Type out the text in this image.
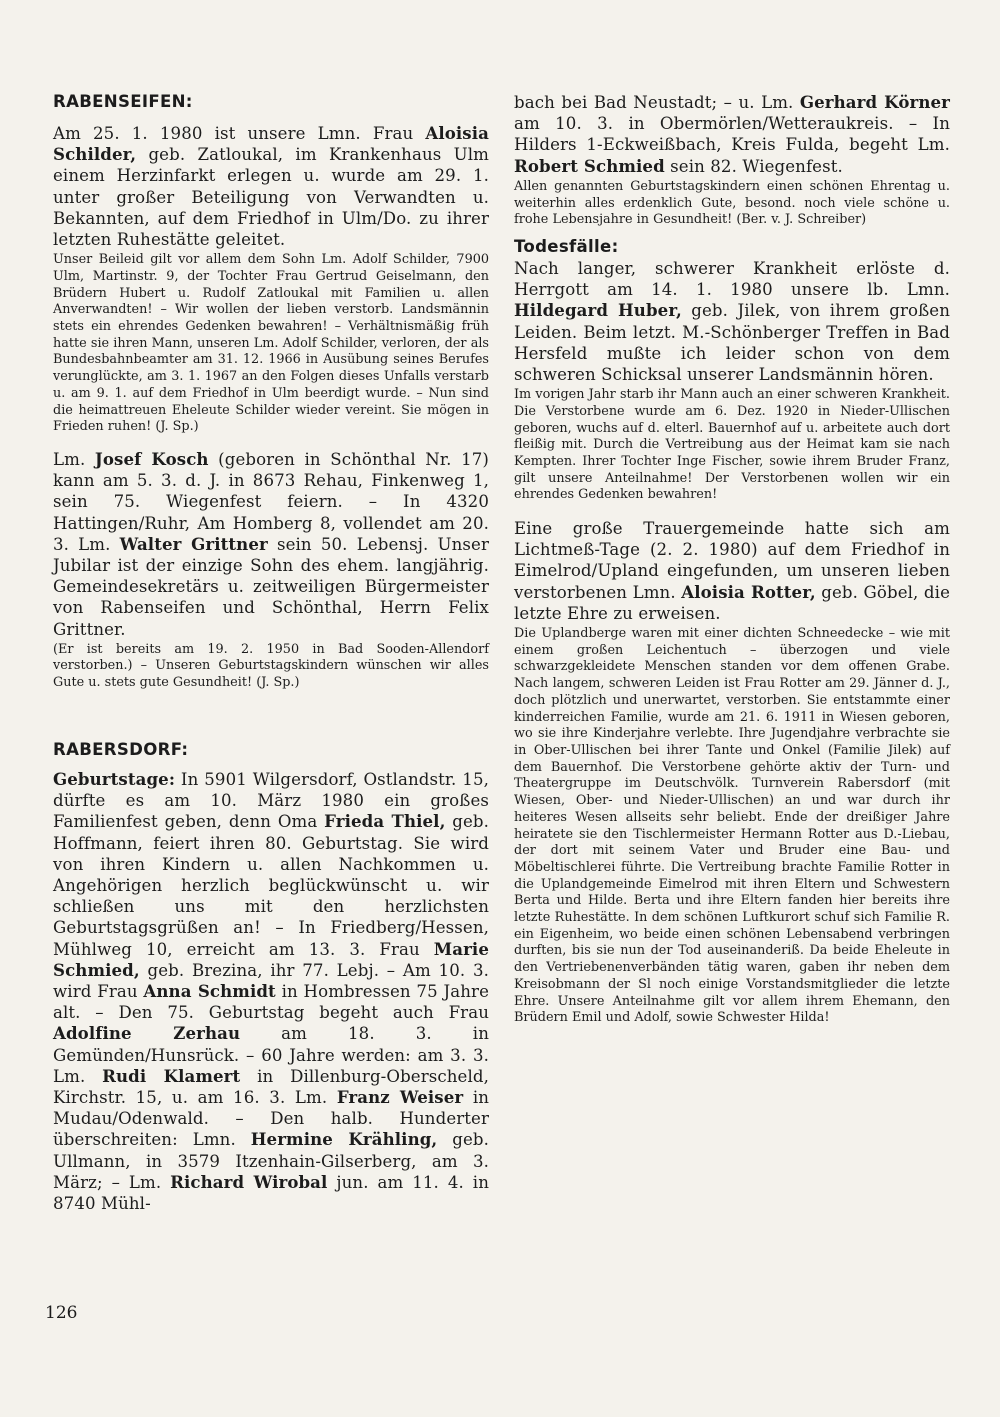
RABENSEIFEN:

Am 25. 1. 1980 ist unsere Lmn. Frau Aloisia Schilder, geb. Zatloukal, im Krankenhaus Ulm einem Herzinfarkt erlegen u. wurde am 29. 1. unter großer Beteiligung von Verwandten u. Bekannten, auf dem Friedhof in Ulm/Do. zu ihrer letzten Ruhestätte geleitet.

Unser Beileid gilt vor allem dem Sohn Lm. Adolf Schilder, 7900 Ulm, Martinstr. 9, der Tochter Frau Gertrud Geiselmann, den Brüdern Hubert u. Rudolf Zatloukal mit Familien u. allen Anverwandten! – Wir wollen der lieben verstorb. Landsmännin stets ein ehrendes Gedenken bewahren! – Verhältnismäßig früh hatte sie ihren Mann, unseren Lm. Adolf Schilder, verloren, der als Bundesbahnbeamter am 31. 12. 1966 in Ausübung seines Berufes verunglückte, am 3. 1. 1967 an den Folgen dieses Unfalls verstarb u. am 9. 1. auf dem Friedhof in Ulm beerdigt wurde. – Nun sind die heimattreuen Eheleute Schilder wieder vereint. Sie mögen in Frieden ruhen! (J. Sp.)

Lm. Josef Kosch (geboren in Schönthal Nr. 17) kann am 5. 3. d. J. in 8673 Rehau, Finkenweg 1, sein 75. Wiegenfest feiern. – In 4320 Hattingen/Ruhr, Am Homberg 8, vollendet am 20. 3. Lm. Walter Grittner sein 50. Lebensj. Unser Jubilar ist der einzige Sohn des ehem. langjährig. Gemeindesekretärs u. zeitweiligen Bürgermeister von Rabenseifen und Schönthal, Herrn Felix Grittner.

(Er ist bereits am 19. 2. 1950 in Bad Sooden-Allendorf verstorben.) – Unseren Geburtstagskindern wünschen wir alles Gute u. stets gute Gesundheit! (J. Sp.)

RABERSDORF:

Geburtstage: In 5901 Wilgersdorf, Ostlandstr. 15, dürfte es am 10. März 1980 ein großes Familienfest geben, denn Oma Frieda Thiel, geb. Hoffmann, feiert ihren 80. Geburtstag. Sie wird von ihren Kindern u. allen Nachkommen u. Angehörigen herzlich beglückwünscht u. wir schließen uns mit den herzlichsten Geburtstagsgrüßen an! – In Friedberg/Hessen, Mühlweg 10, erreicht am 13. 3. Frau Marie Schmied, geb. Brezina, ihr 77. Lebj. – Am 10. 3. wird Frau Anna Schmidt in Hombressen 75 Jahre alt. – Den 75. Geburtstag begeht auch Frau Adolfine Zerhau am 18. 3. in Gemünden/Hunsrück. – 60 Jahre werden: am 3. 3. Lm. Rudi Klamert in Dillenburg-Oberscheld, Kirchstr. 15, u. am 16. 3. Lm. Franz Weiser in Mudau/Odenwald. – Den halb. Hunderter überschreiten: Lmn. Hermine Krähling, geb. Ullmann, in 3579 Itzenhain-Gilserberg, am 3. März; – Lm. Richard Wirobal jun. am 11. 4. in 8740 Mühl-

bach bei Bad Neustadt; – u. Lm. Gerhard Körner am 10. 3. in Obermörlen/Wetteraukreis. – In Hilders 1-Eckweißbach, Kreis Fulda, begeht Lm. Robert Schmied sein 82. Wiegenfest.

Allen genannten Geburtstagskindern einen schönen Ehrentag u. weiterhin alles erdenklich Gute, besond. noch viele schöne u. frohe Lebensjahre in Gesundheit! (Ber. v. J. Schreiber)

Todesfälle:

Nach langer, schwerer Krankheit erlöste d. Herrgott am 14. 1. 1980 unsere lb. Lmn. Hildegard Huber, geb. Jilek, von ihrem großen Leiden. Beim letzt. M.-Schönberger Treffen in Bad Hersfeld mußte ich leider schon von dem schweren Schicksal unserer Landsmännin hören.

Im vorigen Jahr starb ihr Mann auch an einer schweren Krankheit. Die Verstorbene wurde am 6. Dez. 1920 in Nieder-Ullischen geboren, wuchs auf d. elterl. Bauernhof auf u. arbeitete auch dort fleißig mit. Durch die Vertreibung aus der Heimat kam sie nach Kempten. Ihrer Tochter Inge Fischer, sowie ihrem Bruder Franz, gilt unsere Anteilnahme! Der Verstorbenen wollen wir ein ehrendes Gedenken bewahren!

Eine große Trauergemeinde hatte sich am Lichtmeß-Tage (2. 2. 1980) auf dem Friedhof in Eimelrod/Upland eingefunden, um unseren lieben verstorbenen Lmn. Aloisia Rotter, geb. Göbel, die letzte Ehre zu erweisen.

Die Uplandberge waren mit einer dichten Schneedecke – wie mit einem großen Leichentuch – überzogen und viele schwarzgekleidete Menschen standen vor dem offenen Grabe. Nach langem, schweren Leiden ist Frau Rotter am 29. Jänner d. J., doch plötzlich und unerwartet, verstorben. Sie entstammte einer kinderreichen Familie, wurde am 21. 6. 1911 in Wiesen geboren, wo sie ihre Kinderjahre verlebte. Ihre Jugendjahre verbrachte sie in Ober-Ullischen bei ihrer Tante und Onkel (Familie Jilek) auf dem Bauernhof. Die Verstorbene gehörte aktiv der Turn- und Theatergruppe im Deutschvölk. Turnverein Rabersdorf (mit Wiesen, Ober- und Nieder-Ullischen) an und war durch ihr heiteres Wesen allseits sehr beliebt. Ende der dreißiger Jahre heiratete sie den Tischlermeister Hermann Rotter aus D.-Liebau, der dort mit seinem Vater und Bruder eine Bau- und Möbeltischlerei führte. Die Vertreibung brachte Familie Rotter in die Uplandgemeinde Eimelrod mit ihren Eltern und Schwestern Berta und Hilde. Berta und ihre Eltern fanden hier bereits ihre letzte Ruhestätte. In dem schönen Luftkurort schuf sich Familie R. ein Eigenheim, wo beide einen schönen Lebensabend verbringen durften, bis sie nun der Tod auseinanderiß. Da beide Eheleute in den Vertriebenenverbänden tätig waren, gaben ihr neben dem Kreisobmann der Sl noch einige Vorstandsmitglieder die letzte Ehre. Unsere Anteilnahme gilt vor allem ihrem Ehemann, den Brüdern Emil und Adolf, sowie Schwester Hilda!

126
